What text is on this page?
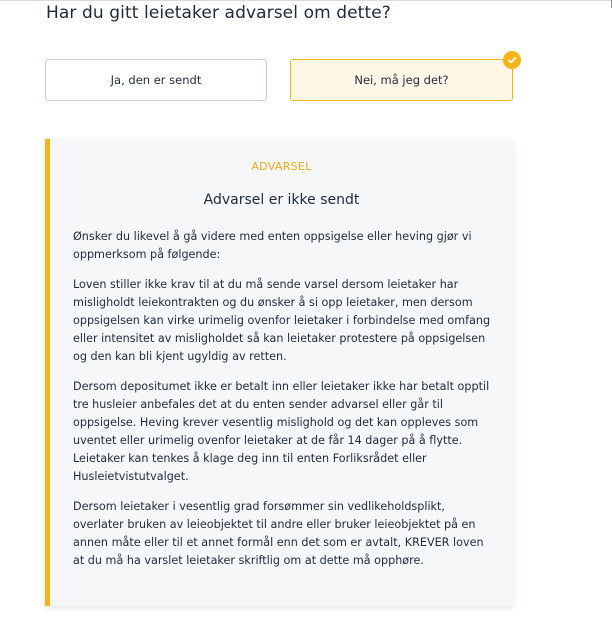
Har du gitt leietaker advarsel om dette?
Ja, den er sendt	Nei, må jeg det?
ADVARSEL
Advarsel er ikke sendt

Ønsker du likevel å gå videre med enten oppsigelse eller heving gjør vi oppmerksom på følgende:

Loven stiller ikke krav til at du må sende varsel dersom leietaker har misligholdt leiekontrakten og du ønsker å si opp leietaker, men dersom oppsigelsen kan virke urimelig ovenfor leietaker i forbindelse med omfang eller intensitet av misligholdet så kan leietaker protestere på oppsigelsen og den kan bli kjent ugyldig av retten.

Dersom depositumet ikke er betalt inn eller leietaker ikke har betalt opptil tre husleier anbefales det at du enten sender advarsel eller går til oppsigelse. Heving krever vesentlig mislighold og det kan oppleves som uventet eller urimelig ovenfor leietaker at de får 14 dager på å flytte. Leietaker kan tenkes å klage deg inn til enten Forliksrådet eller Husleietvistutvalget.

Dersom leietaker i vesentlig grad forsømmer sin vedlikeholdsplikt, overlater bruken av leieobjektet til andre eller bruker leieobjektet på en annen måte eller til et annet formål enn det som er avtalt, KREVER loven at du må ha varslet leietaker skriftlig om at dette må opphøre.
